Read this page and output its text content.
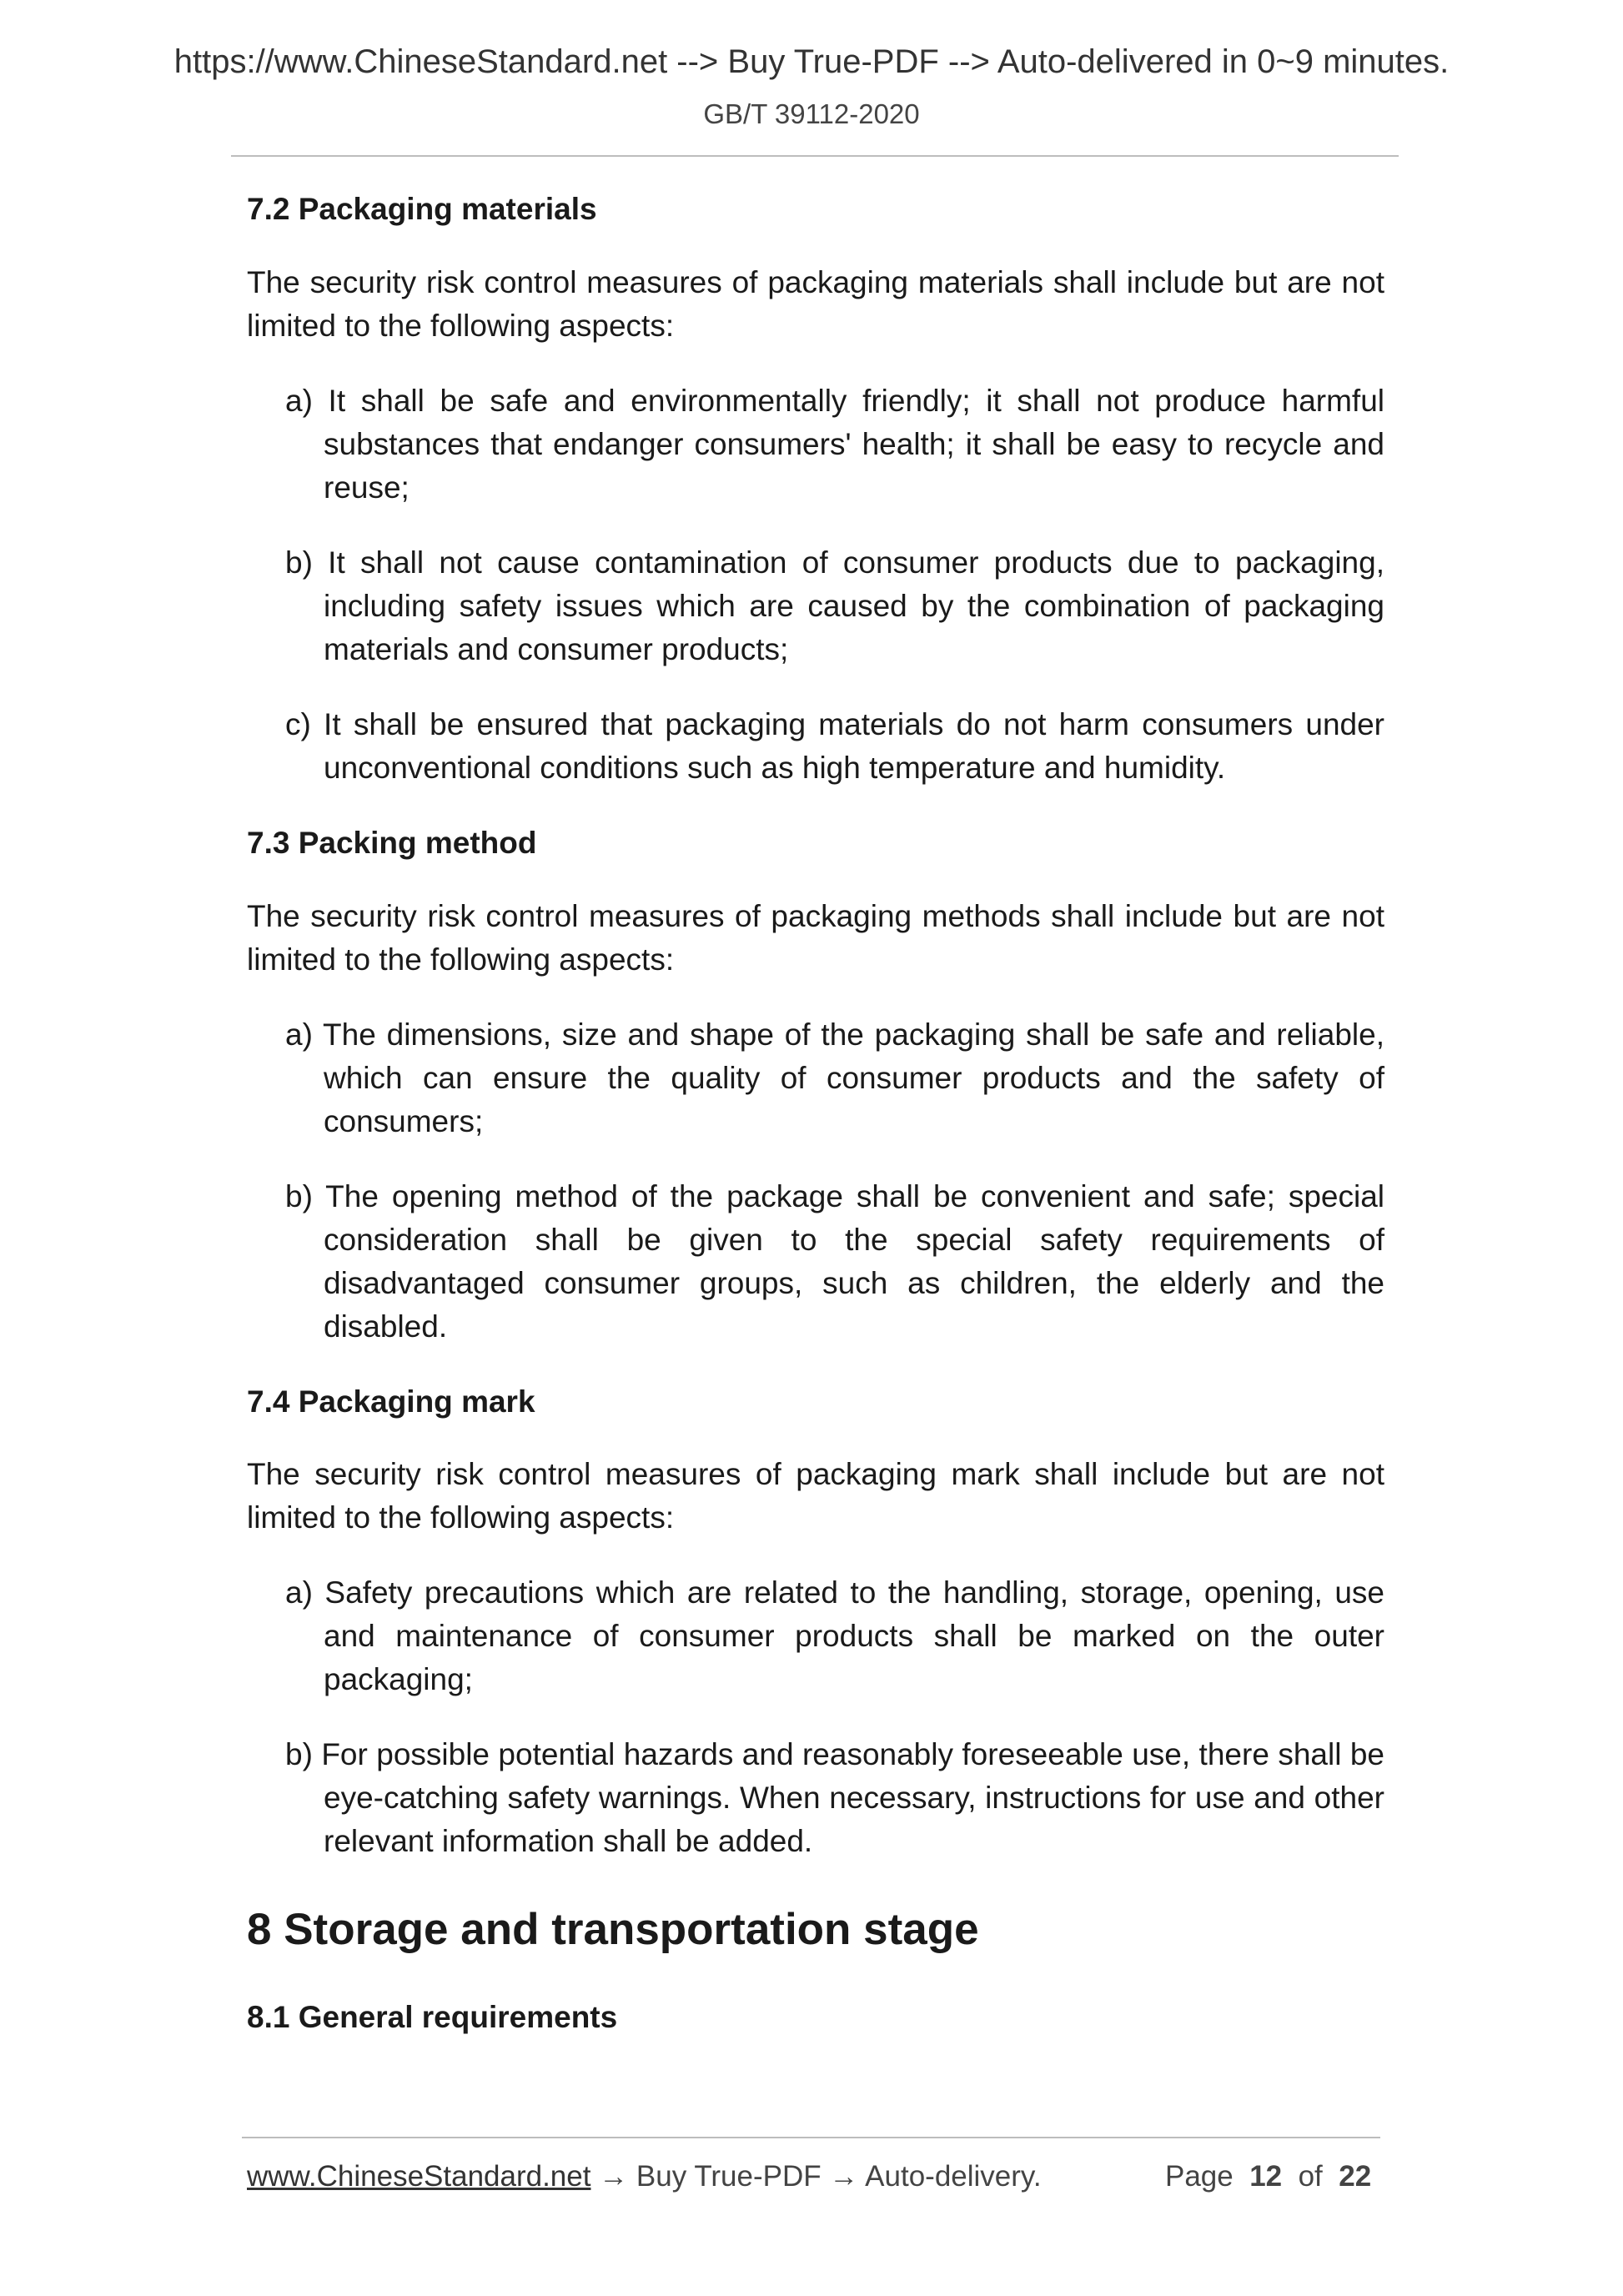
https://www.ChineseStandard.net --> Buy True-PDF --> Auto-delivered in 0~9 minutes.
GB/T 39112-2020
7.2 Packaging materials

The security risk control measures of packaging materials shall include but are not limited to the following aspects:

a) It shall be safe and environmentally friendly; it shall not produce harmful substances that endanger consumers' health; it shall be easy to recycle and reuse;
b) It shall not cause contamination of consumer products due to packaging, including safety issues which are caused by the combination of packaging materials and consumer products;
c) It shall be ensured that packaging materials do not harm consumers under unconventional conditions such as high temperature and humidity.
7.3 Packing method

The security risk control measures of packaging methods shall include but are not limited to the following aspects:

a) The dimensions, size and shape of the packaging shall be safe and reliable, which can ensure the quality of consumer products and the safety of consumers;
b) The opening method of the package shall be convenient and safe; special consideration shall be given to the special safety requirements of disadvantaged consumer groups, such as children, the elderly and the disabled.
7.4 Packaging mark

The security risk control measures of packaging mark shall include but are not limited to the following aspects:

a) Safety precautions which are related to the handling, storage, opening, use and maintenance of consumer products shall be marked on the outer packaging;
b) For possible potential hazards and reasonably foreseeable use, there shall be eye-catching safety warnings. When necessary, instructions for use and other relevant information shall be added.
8 Storage and transportation stage
8.1 General requirements
www.ChineseStandard.net → Buy True-PDF → Auto-delivery.	Page 12 of 22
